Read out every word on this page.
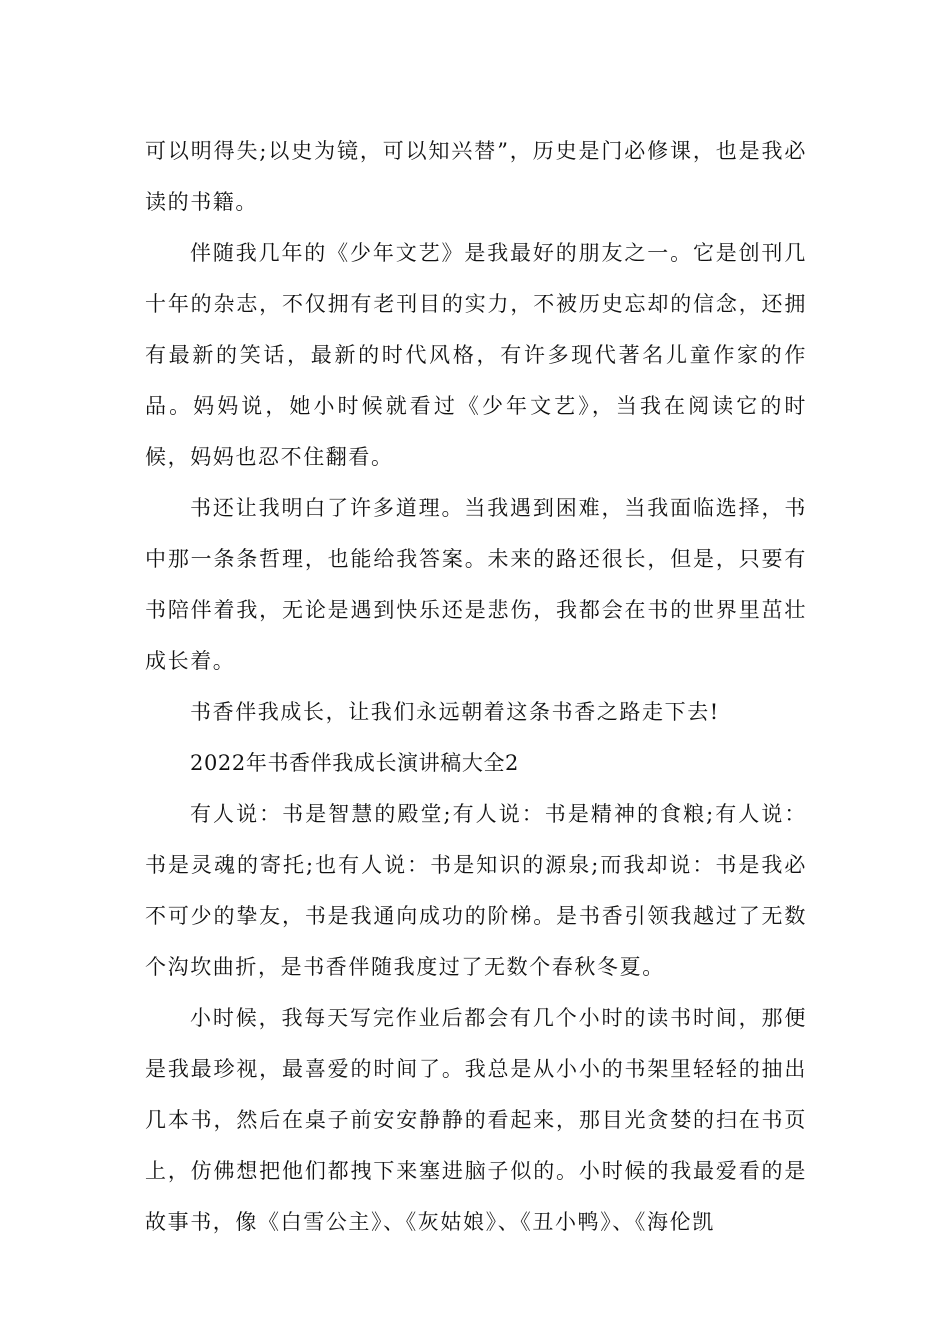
可以明得失;以史为镜，可以知兴替”，历史是门必修课，也是我必读的书籍。

伴随我几年的《少年文艺》是我最好的朋友之一。它是创刊几十年的杂志，不仅拥有老刊目的实力，不被历史忘却的信念，还拥有最新的笑话，最新的时代风格，有许多现代著名儿童作家的作品。妈妈说，她小时候就看过《少年文艺》，当我在阅读它的时候，妈妈也忍不住翻看。

书还让我明白了许多道理。当我遇到困难，当我面临选择，书中那一条条哲理，也能给我答案。未来的路还很长，但是，只要有书陪伴着我，无论是遇到快乐还是悲伤，我都会在书的世界里茁壮成长着。

书香伴我成长，让我们永远朝着这条书香之路走下去!

2022年书香伴我成长演讲稿大全2

有人说：书是智慧的殿堂;有人说：书是精神的食粮;有人说：书是灵魂的寄托;也有人说：书是知识的源泉;而我却说：书是我必不可少的挚友，书是我通向成功的阶梯。是书香引领我越过了无数个沟坎曲折，是书香伴随我度过了无数个春秋冬夏。

小时候，我每天写完作业后都会有几个小时的读书时间，那便是我最珍视，最喜爱的时间了。我总是从小小的书架里轻轻的抽出几本书，然后在桌子前安安静静的看起来，那目光贪婪的扫在书页上，仿佛想把他们都拽下来塞进脑子似的。小时候的我最爱看的是故事书，像《白雪公主》、《灰姑娘》、《丑小鸭》、《海伦凯
